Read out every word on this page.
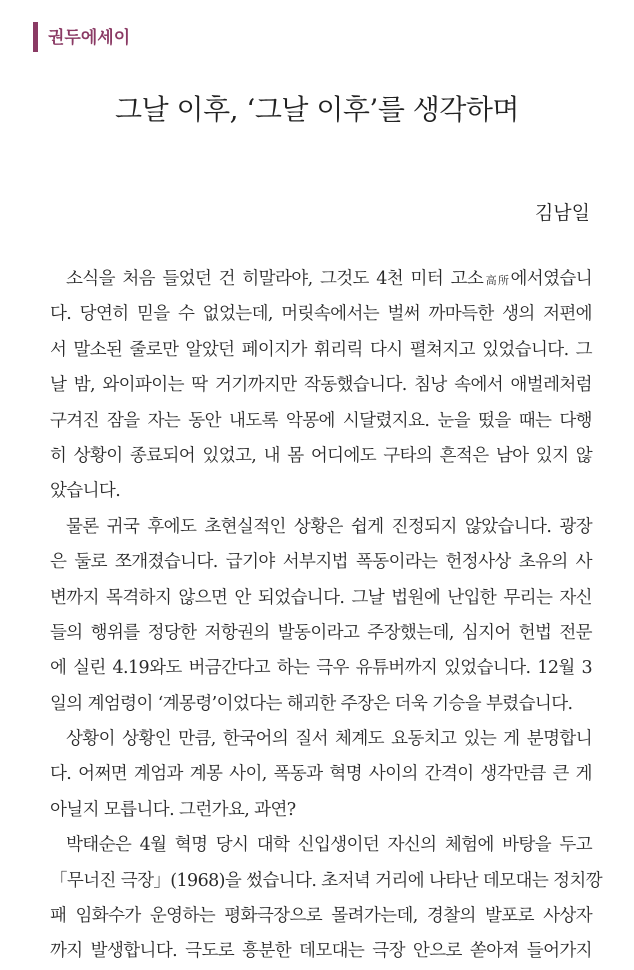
권두에세이
그날 이후, ‘그날 이후’를 생각하며
김남일
소식을 처음 들었던 건 히말라야, 그것도 4천 미터 고소高所에서였습니
다. 당연히 믿을 수 없었는데, 머릿속에서는 벌써 까마득한 생의 저편에
서 말소된 줄로만 알았던 페이지가 휘리릭 다시 펼쳐지고 있었습니다. 그
날 밤, 와이파이는 딱 거기까지만 작동했습니다. 침낭 속에서 애벌레처럼
구겨진 잠을 자는 동안 내도록 악몽에 시달렸지요. 눈을 떴을 때는 다행
히 상황이 종료되어 있었고, 내 몸 어디에도 구타의 흔적은 남아 있지 않
았습니다.
물론 귀국 후에도 초현실적인 상황은 쉽게 진정되지 않았습니다. 광장
은 둘로 쪼개졌습니다. 급기야 서부지법 폭동이라는 헌정사상 초유의 사
변까지 목격하지 않으면 안 되었습니다. 그날 법원에 난입한 무리는 자신
들의 행위를 정당한 저항권의 발동이라고 주장했는데, 심지어 헌법 전문
에 실린 4.19와도 버금간다고 하는 극우 유튜버까지 있었습니다. 12월 3
일의 계엄령이 ‘계몽령’이었다는 해괴한 주장은 더욱 기승을 부렸습니다.
상황이 상황인 만큼, 한국어의 질서 체계도 요동치고 있는 게 분명합니
다. 어쩌면 계엄과 계몽 사이, 폭동과 혁명 사이의 간격이 생각만큼 큰 게
아닐지 모릅니다. 그런가요, 과연?
박태순은 4월 혁명 당시 대학 신입생이던 자신의 체험에 바탕을 두고
「무너진 극장」(1968)을 썼습니다. 초저녁 거리에 나타난 데모대는 정치깡
패 임화수가 운영하는 평화극장으로 몰려가는데, 경찰의 발포로 사상자
까지 발생합니다. 극도로 흥분한 데모대는 극장 안으로 쏟아져 들어가지
